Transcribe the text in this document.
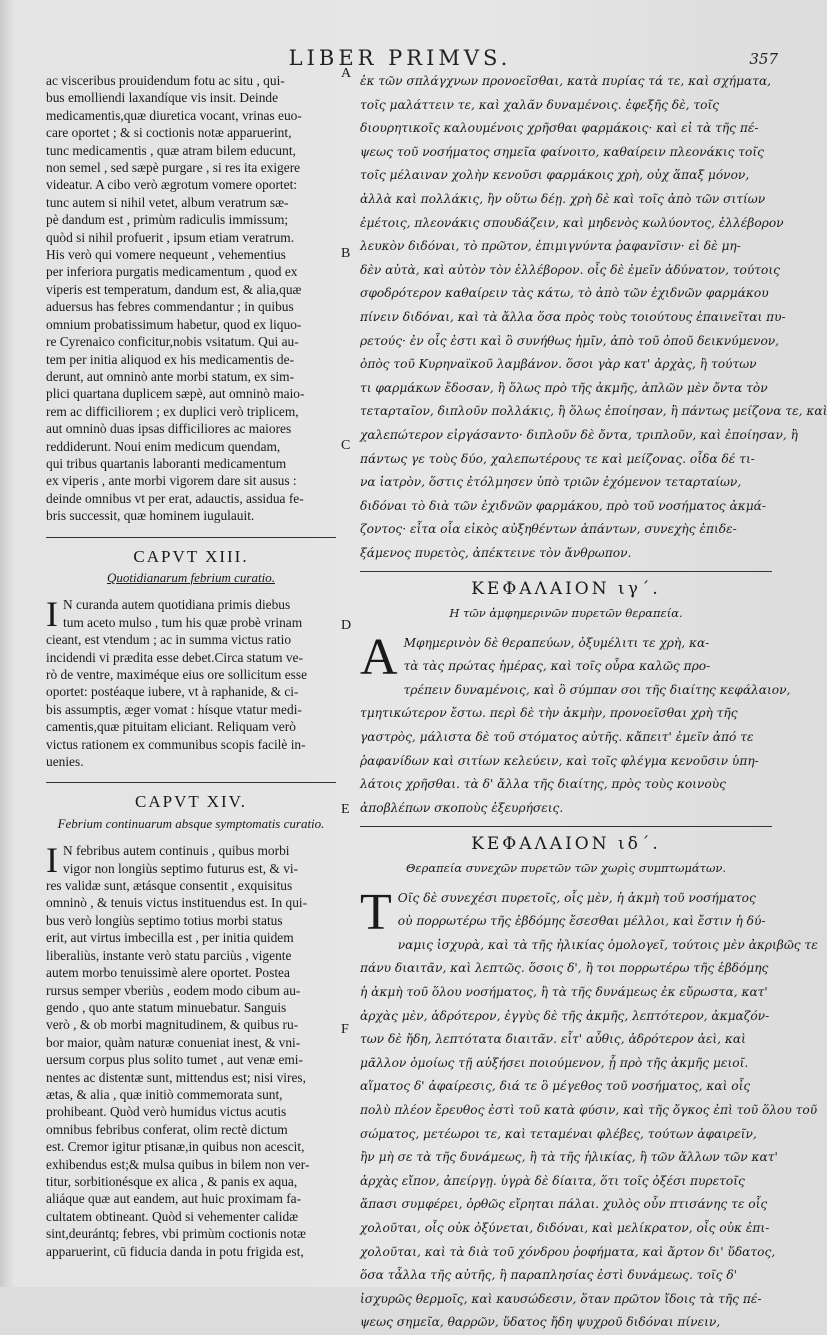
LIBER PRIMVS.	357
A
B
C
D
E
F
ac visceribus prouidendum fotu ac situ , qui-
bus emolliendi laxandíque vis insit. Deinde
medicamentis,quæ diuretica vocant, vrinas euo-
care oportet ; & si coctionis notæ apparuerint,
tunc medicamentis , quæ atram bilem educunt,
non semel , sed sæpè purgare , si res ita exigere
videatur. A cibo verò ægrotum vomere oportet:
tunc autem si nihil vetet, album veratrum sæ-
pè dandum est , primùm radiculis immissum;
quòd si nihil profuerit , ipsum etiam veratrum.
His verò qui vomere nequeunt , vehementius
per inferiora purgatis medicamentum , quod ex
viperis est temperatum, dandum est, & alia,quæ
aduersus has febres commendantur ; in quibus
omnium probatissimum habetur, quod ex liquo-
re Cyrenaico conficitur,nobis vsitatum. Qui au-
tem per initia aliquod ex his medicamentis de-
derunt, aut omninò ante morbi statum, ex sim-
plici quartana duplicem sæpè, aut omninò maio-
rem ac difficiliorem ; ex duplici verò triplicem,
aut omninò duas ipsas difficiliores ac maiores
reddiderunt. Noui enim medicum quendam,
qui tribus quartanis laboranti medicamentum
ex viperis , ante morbi vigorem dare sit ausus :
deinde omnibus vt per erat, adauctis, assidua fe-
bris successit, quæ hominem iugulauit.
CAPVT XIII.
Quotidianarum febrium curatio.
I N curanda autem quotidiana primis diebus
tum aceto mulso , tum his quæ probè vrinam
cieant, est vtendum ; ac in summa victus ratio
incidendi vi prædita esse debet.Circa statum ve-
rò de ventre, maximéque eius ore sollicitum esse
oportet: postéaque iubere, vt à raphanide, & ci-
bis assumptis, æger vomat : hísque vtatur medi-
camentis,quæ pituitam eliciant. Reliquam verò
victus rationem ex communibus scopis facilè in-
uenies.
CAPVT XIV.
Febrium continuarum absque symptomatis curatio.
I N febribus autem continuis , quibus morbi
vigor non longiùs septimo futurus est, & vi-
res validæ sunt, ætásque consentit , exquisitus
omninò , & tenuis victus instituendus est. In qui-
bus verò longiùs septimo totius morbi status
erit, aut virtus imbecilla est , per initia quidem
liberaliùs, instante verò statu parciùs , vigente
autem morbo tenuissimè alere oportet. Postea
rursus semper vberiùs , eodem modo cibum au-
gendo , quo ante statum minuebatur. Sanguis
verò , & ob morbi magnitudinem, & quibus ru-
bor maior, quàm naturæ conueniat inest, & vni-
uersum corpus plus solito tumet , aut venæ emi-
nentes ac distentæ sunt, mittendus est; nisi vires,
ætas, & alia , quæ initiò commemorata sunt,
prohibeant. Quòd verò humidus victus acutis
omnibus febribus conferat, olim rectè dictum
est. Cremor igitur ptisanæ,in quibus non acescit,
exhibendus est;& mulsa quibus in bilem non ver-
titur, sorbitionésque ex alica , & panis ex aqua,
aliáque quæ aut eandem, aut huic proximam fa-
cultatem obtineant. Quòd si vehementer calidæ
sint,deurántq; febres, vbi primùm coctionis notæ
apparuerint, cū fiducia danda in potu frigida est,
ἐκ τῶν σπλάγχνων προνοεῖσθαι, κατὰ πυρίας τά τε, καὶ σχήματα,
τοῖς μαλάττειν τε, καὶ χαλᾶν δυναμένοις. ἐφεξῆς δὲ, τοῖς
διουρητικοῖς καλουμένοις χρῆσθαι φαρμάκοις· καὶ εἰ τὰ τῆς πέ-
ψεως τοῦ νοσήματος σημεῖα φαίνοιτο, καθαίρειν πλεονάκις τοῖς
τοῖς μέλαιναν χολὴν κενοῦσι φαρμάκοις χρὴ, οὐχ ἅπαξ μόνον,
ἀλλὰ καὶ πολλάκις, ἢν οὕτω δέῃ. χρὴ δὲ καὶ τοῖς ἀπὸ τῶν σιτίων
ἐμέτοις, πλεονάκις σπουδάζειν, καὶ μηδενὸς κωλύοντος, ἐλλέβορον
λευκὸν διδόναι, τὸ πρῶτον, ἐπιμιγνύντα ῥαφανῖσιν· εἰ δὲ μη-
δὲν αὐτὰ, καὶ αὐτὸν τὸν ἐλλέβορον. οἷς δὲ ἐμεῖν ἀδύνατον, τούτοις
σφοδρότερον καθαίρειν τὰς κάτω, τὸ ἀπὸ τῶν ἐχιδνῶν φαρμάκου
πίνειν διδόναι, καὶ τὰ ἄλλα ὅσα πρὸς τοὺς τοιούτους ἐπαινεῖται πυ-
ρετούς· ἐν οἷς ἐστι καὶ ὃ συνήθως ἡμῖν, ἀπὸ τοῦ ὀποῦ δεικνύμενον,
ὁπὸς τοῦ Κυρηναϊκοῦ λαμβάνον. ὅσοι γὰρ κατ' ἀρχὰς, ἢ τούτων
τι φαρμάκων ἔδοσαν, ἢ ὅλως πρὸ τῆς ἀκμῆς, ἁπλῶν μὲν ὄντα τὸν
τεταρταῖον, διπλοῦν πολλάκις, ἢ ὅλως ἐποίησαν, ἢ πάντως μείζονα τε, καὶ
χαλεπώτερον εἰργάσαντο· διπλοῦν δὲ ὄντα, τριπλοῦν, καὶ ἐποίησαν, ἢ
πάντως γε τοὺς δύο, χαλεπωτέρους τε καὶ μείζονας. οἶδα δέ τι-
να ἰατρὸν, ὅστις ἐτόλμησεν ὑπὸ τριῶν ἐχόμενον τεταρταίων,
διδόναι τὸ διὰ τῶν ἐχιδνῶν φαρμάκου, πρὸ τοῦ νοσήματος ἀκμά-
ζοντος· εἶτα οἷα εἰκὸς αὐξηθέντων ἁπάντων, συνεχὴς ἐπιδε-
ξάμενος πυρετὸς, ἀπέκτεινε τὸν ἄνθρωπον.
ΚΕΦΑΛΑΙΟΝ ιγ΄.
Η τῶν ἀμφημερινῶν πυρετῶν θεραπεία.
Α Μφημερινὸν δὲ θεραπεύων, ὀξυμέλιτι τε χρὴ, κα-
τὰ τὰς πρώτας ἡμέρας, καὶ τοῖς οὖρα καλῶς προ-
τρέπειν δυναμένοις, καὶ ὃ σύμπαν σοι τῆς διαίτης κεφάλαιον,
τμητικώτερον ἔστω. περὶ δὲ τὴν ἀκμὴν, προνοεῖσθαι χρὴ τῆς
γαστρὸς, μάλιστα δὲ τοῦ στόματος αὐτῆς. κἄπειτ' ἐμεῖν ἀπό τε
ῥαφανίδων καὶ σιτίων κελεύειν, καὶ τοῖς φλέγμα κενοῦσιν ὑπη-
λάτοις χρῆσθαι. τὰ δ' ἄλλα τῆς διαίτης, πρὸς τοὺς κοινοὺς
ἀποβλέπων σκοποὺς ἐξευρήσεις.
ΚΕΦΑΛΑΙΟΝ ιδ΄.
Θεραπεία συνεχῶν πυρετῶν τῶν χωρὶς συμπτωμάτων.
Τ Οῖς δὲ συνεχέσι πυρετοῖς, οἷς μὲν, ἡ ἀκμὴ τοῦ νοσήματος
οὐ πορρωτέρω τῆς ἑβδόμης ἔσεσθαι μέλλοι, καὶ ἔστιν ἡ δύ-
ναμις ἰσχυρὰ, καὶ τὰ τῆς ἡλικίας ὁμολογεῖ, τούτοις μὲν ἀκριβῶς τε
πάνυ διαιτᾶν, καὶ λεπτῶς. ὅσοις δ', ἢ τοι πορρωτέρω τῆς ἑβδόμης
ἡ ἀκμὴ τοῦ ὅλου νοσήματος, ἢ τὰ τῆς δυνάμεως ἐκ εὔρωστα, κατ'
ἀρχὰς μὲν, ἁδρότερον, ἐγγὺς δὲ τῆς ἀκμῆς, λεπτότερον, ἀκμαζόν-
των δὲ ἤδη, λεπτότατα διαιτᾶν. εἶτ' αὖθις, ἁδρότερον ἀεὶ, καὶ
μᾶλλον ὁμοίως τῇ αὐξήσει ποιούμενον, ᾗ πρὸ τῆς ἀκμῆς μειοῖ.
αἵματος δ' ἀφαίρεσις, διά τε ὃ μέγεθος τοῦ νοσήματος, καὶ οἷς
πολὺ πλέον ἔρευθος ἐστὶ τοῦ κατὰ φύσιν, καὶ τῆς ὄγκος ἐπὶ τοῦ ὅλου τοῦ
σώματος, μετέωροι τε, καὶ τεταμέναι φλέβες, τούτων ἀφαιρεῖν,
ἢν μὴ σε τὰ τῆς δυνάμεως, ἢ τὰ τῆς ἡλικίας, ἢ τῶν ἄλλων τῶν κατ'
ἀρχὰς εἴπον, ἀπείργῃ. ὑγρὰ δὲ δίαιτα, ὅτι τοῖς ὀξέσι πυρετοῖς
ἅπασι συμφέρει, ὀρθῶς εἴρηται πάλαι. χυλὸς οὖν πτισάνης τε οἷς
χολοῦται, οἷς οὐκ ὀξύνεται, διδόναι, καὶ μελίκρατον, οἷς οὐκ ἐπι-
χολοῦται, καὶ τὰ διὰ τοῦ χόνδρου ῥοφήματα, καὶ ἄρτον δι' ὕδατος,
ὅσα τἆλλα τῆς αὐτῆς, ἢ παραπλησίας ἐστὶ δυνάμεως. τοῖς δ'
ἰσχυρῶς θερμοῖς, καὶ καυσώδεσιν, ὅταν πρῶτον ἴδοις τὰ τῆς πέ-
ψεως σημεῖα, θαρρῶν, ὕδατος ἤδη ψυχροῦ διδόναι πίνειν,
